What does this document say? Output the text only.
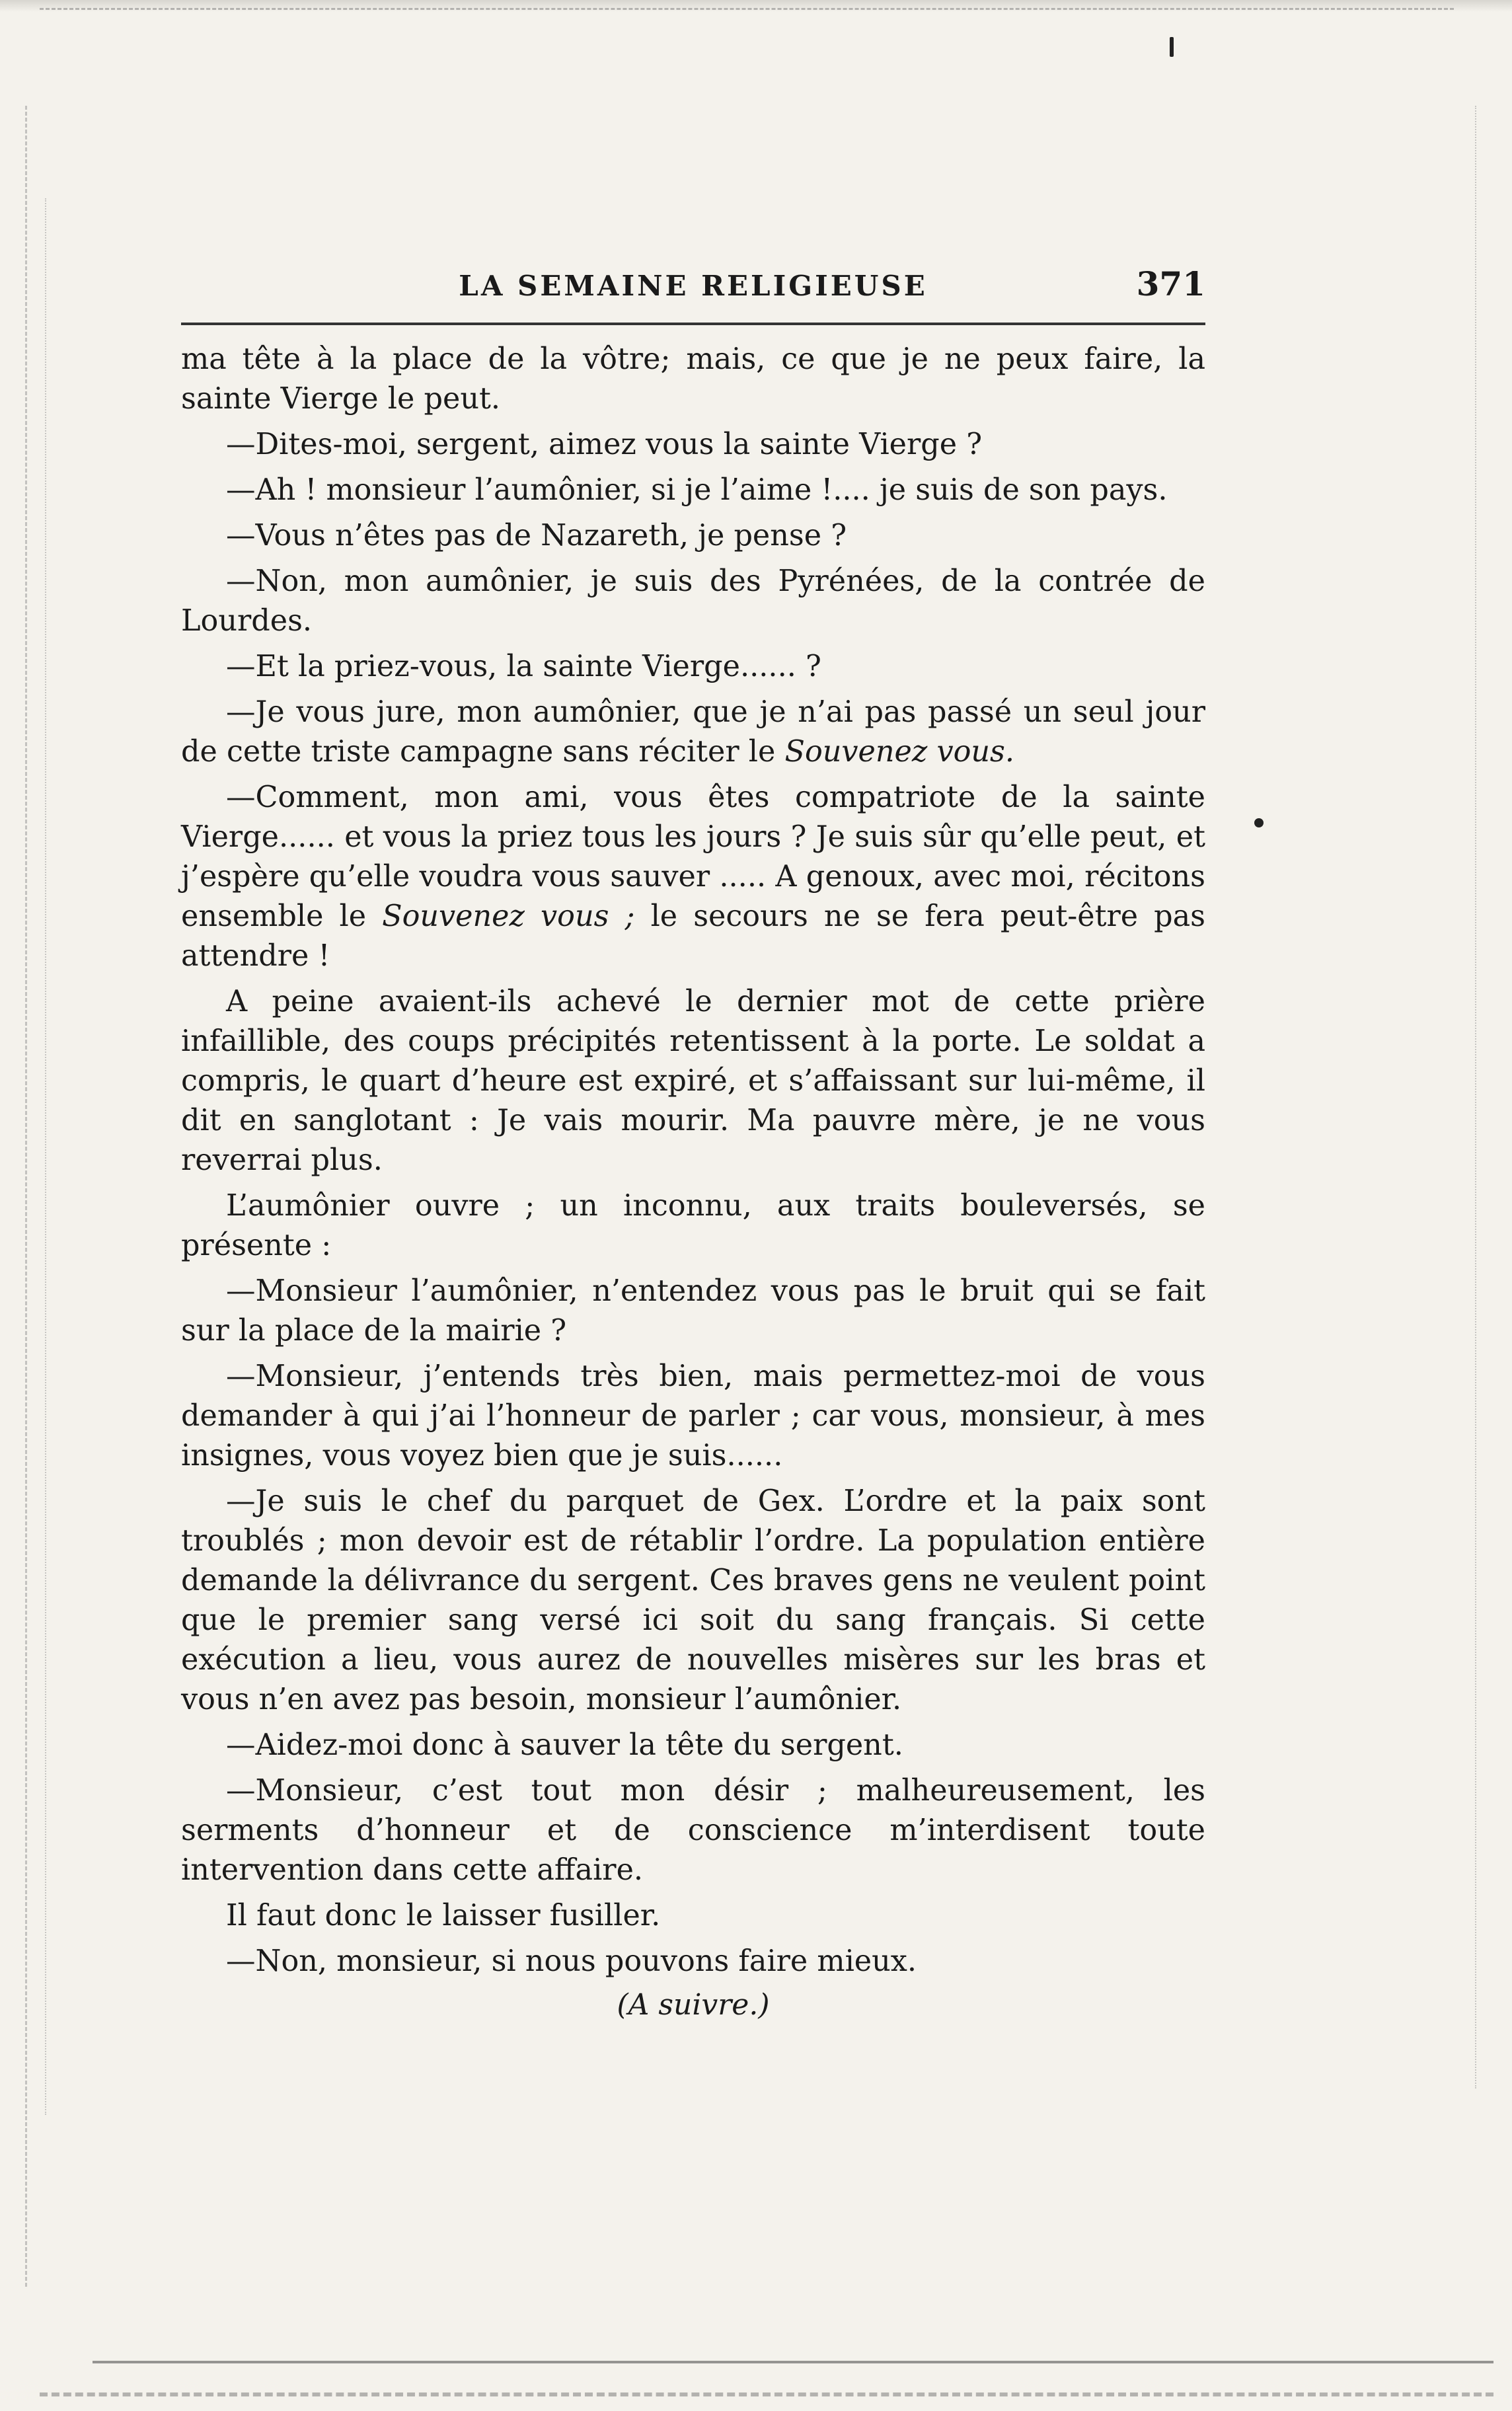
LA SEMAINE RELIGIEUSE	371

ma tête à la place de la vôtre; mais, ce que je ne peux faire, la sainte Vierge le peut.

—Dites-moi, sergent, aimez vous la sainte Vierge ?

—Ah ! monsieur l’aumônier, si je l’aime !.... je suis de son pays.

—Vous n’êtes pas de Nazareth, je pense ?

—Non, mon aumônier, je suis des Pyrénées, de la contrée de Lourdes.

—Et la priez-vous, la sainte Vierge...... ?

—Je vous jure, mon aumônier, que je n’ai pas passé un seul jour de cette triste campagne sans réciter le Souvenez vous.

—Comment, mon ami, vous êtes compatriote de la sainte Vierge...... et vous la priez tous les jours ? Je suis sûr qu’elle peut, et j’espère qu’elle voudra vous sauver ..... A genoux, avec moi, récitons ensemble le Souvenez vous ; le secours ne se fera peut-être pas attendre !

A peine avaient-ils achevé le dernier mot de cette prière infaillible, des coups précipités retentissent à la porte. Le soldat a compris, le quart d’heure est expiré, et s’affaissant sur lui-même, il dit en sanglotant : Je vais mourir. Ma pauvre mère, je ne vous reverrai plus.

L’aumônier ouvre ; un inconnu, aux traits bouleversés, se présente :

—Monsieur l’aumônier, n’entendez vous pas le bruit qui se fait sur la place de la mairie ?

—Monsieur, j’entends très bien, mais permettez-moi de vous demander à qui j’ai l’honneur de parler ; car vous, monsieur, à mes insignes, vous voyez bien que je suis......

—Je suis le chef du parquet de Gex. L’ordre et la paix sont troublés ; mon devoir est de rétablir l’ordre. La population entière demande la délivrance du sergent. Ces braves gens ne veulent point que le premier sang versé ici soit du sang français. Si cette exécution a lieu, vous aurez de nouvelles misères sur les bras et vous n’en avez pas besoin, monsieur l’aumônier.

—Aidez-moi donc à sauver la tête du sergent.

—Monsieur, c’est tout mon désir ; malheureusement, les serments d’honneur et de conscience m’interdisent toute intervention dans cette affaire.

Il faut donc le laisser fusiller.

—Non, monsieur, si nous pouvons faire mieux.

(A suivre.)
